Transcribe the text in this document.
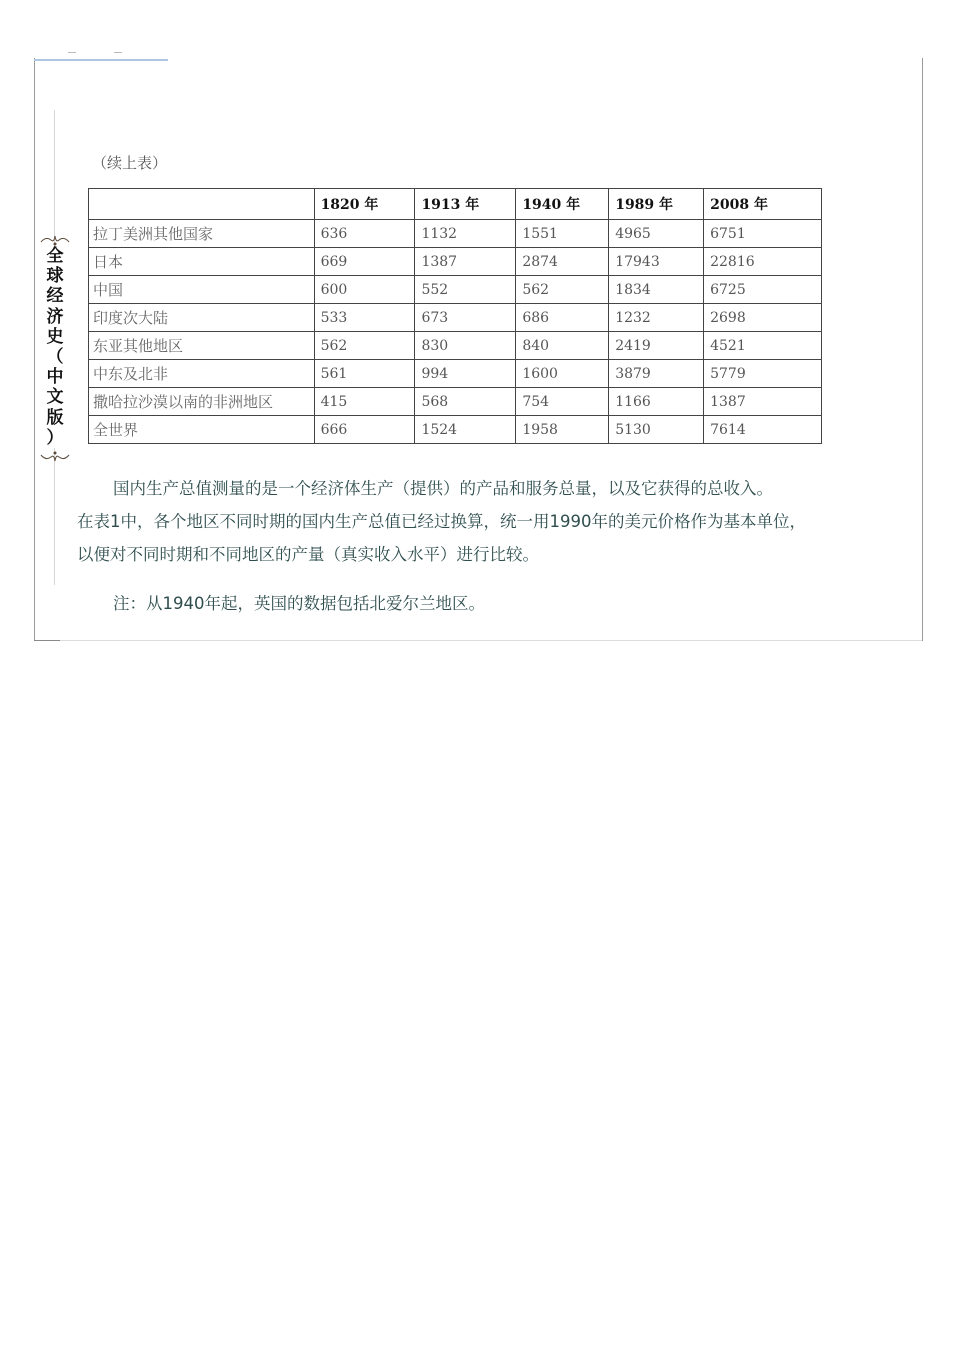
全
球
经
济
史
（
中
文
版
）
（续上表）
	1820 年	1913 年	1940 年	1989 年	2008 年
拉丁美洲其他国家	636	1132	1551	4965	6751
日本	669	1387	2874	17943	22816
中国	600	552	562	1834	6725
印度次大陆	533	673	686	1232	2698
东亚其他地区	562	830	840	2419	4521
中东及北非	561	994	1600	3879	5779
撒哈拉沙漠以南的非洲地区	415	568	754	1166	1387
全世界	666	1524	1958	5130	7614
国内生产总值测量的是一个经济体生产（提供）的产品和服务总量，以及它获得的总收入。
在表1中，各个地区不同时期的国内生产总值已经过换算，统一用1990年的美元价格作为基本单位，
以便对不同时期和不同地区的产量（真实收入水平）进行比较。
注：从1940年起，英国的数据包括北爱尔兰地区。
